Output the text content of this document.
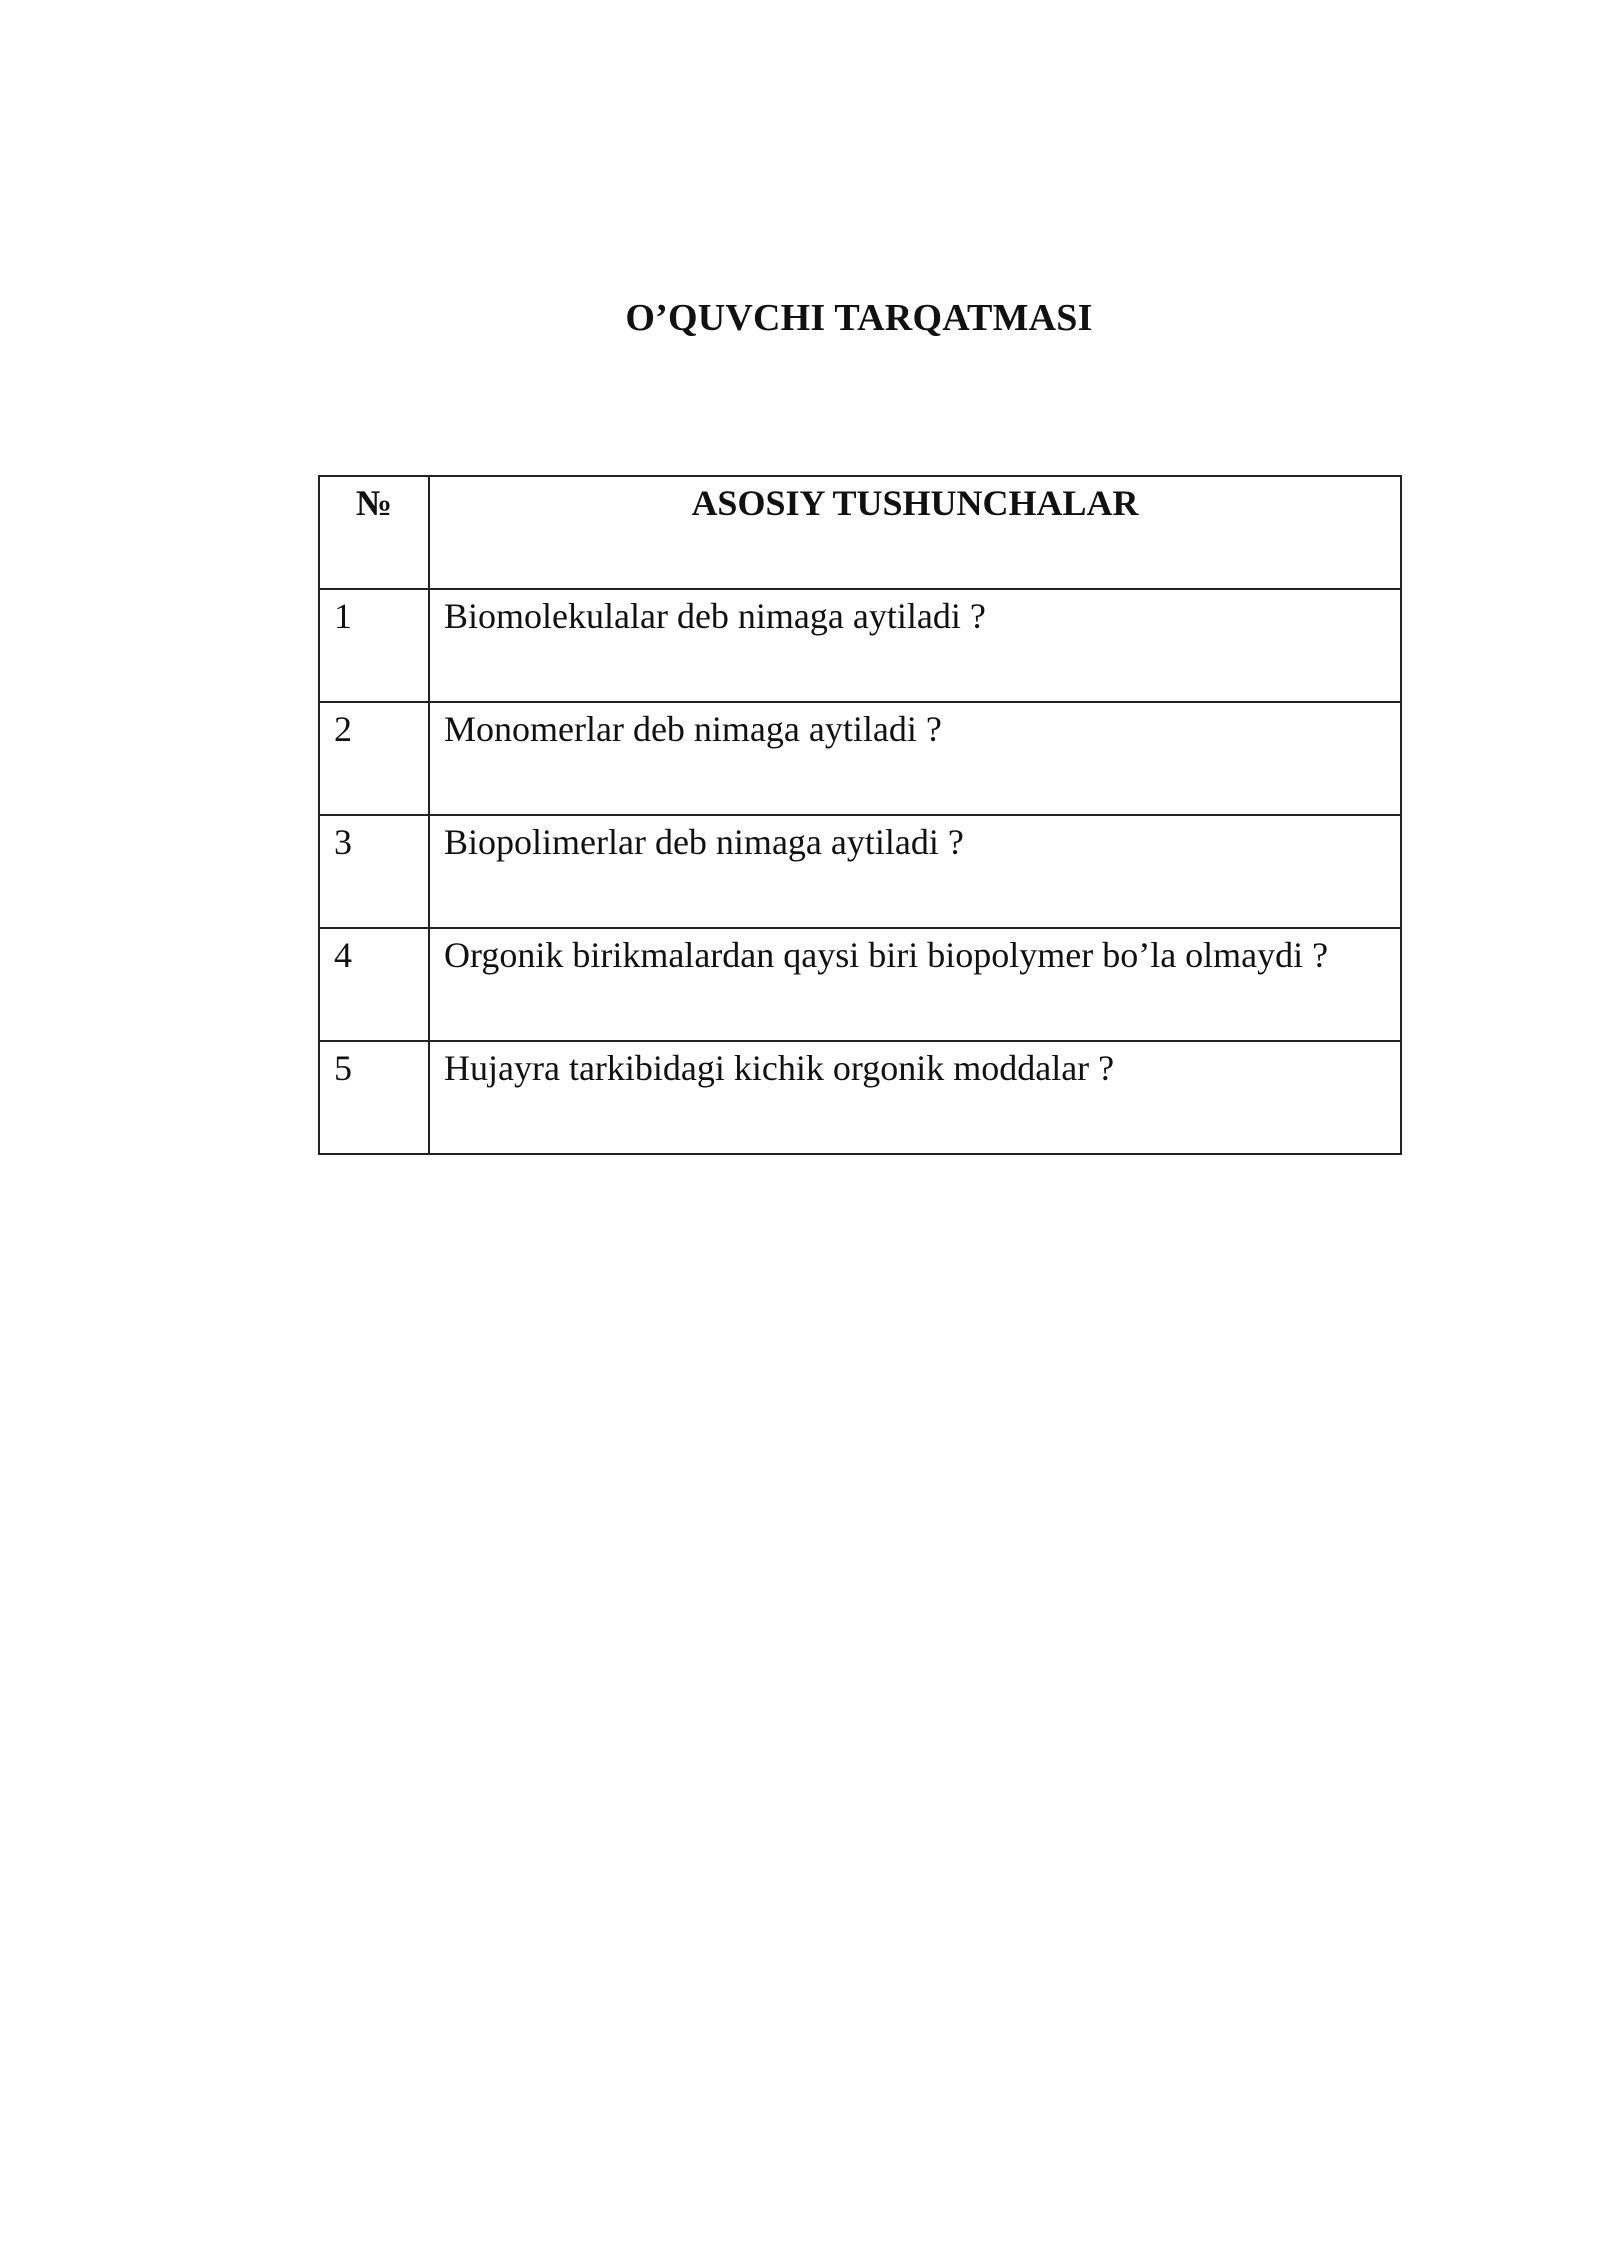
O’QUVCHI TARQATMASI
№	ASOSIY TUSHUNCHALAR
1	Biomolekulalar deb nimaga aytiladi ?
2	Monomerlar deb nimaga aytiladi ?
3	Biopolimerlar deb nimaga aytiladi ?
4	Orgonik birikmalardan qaysi biri biopolymer bo’la olmaydi ?
5	Hujayra tarkibidagi kichik orgonik moddalar ?
